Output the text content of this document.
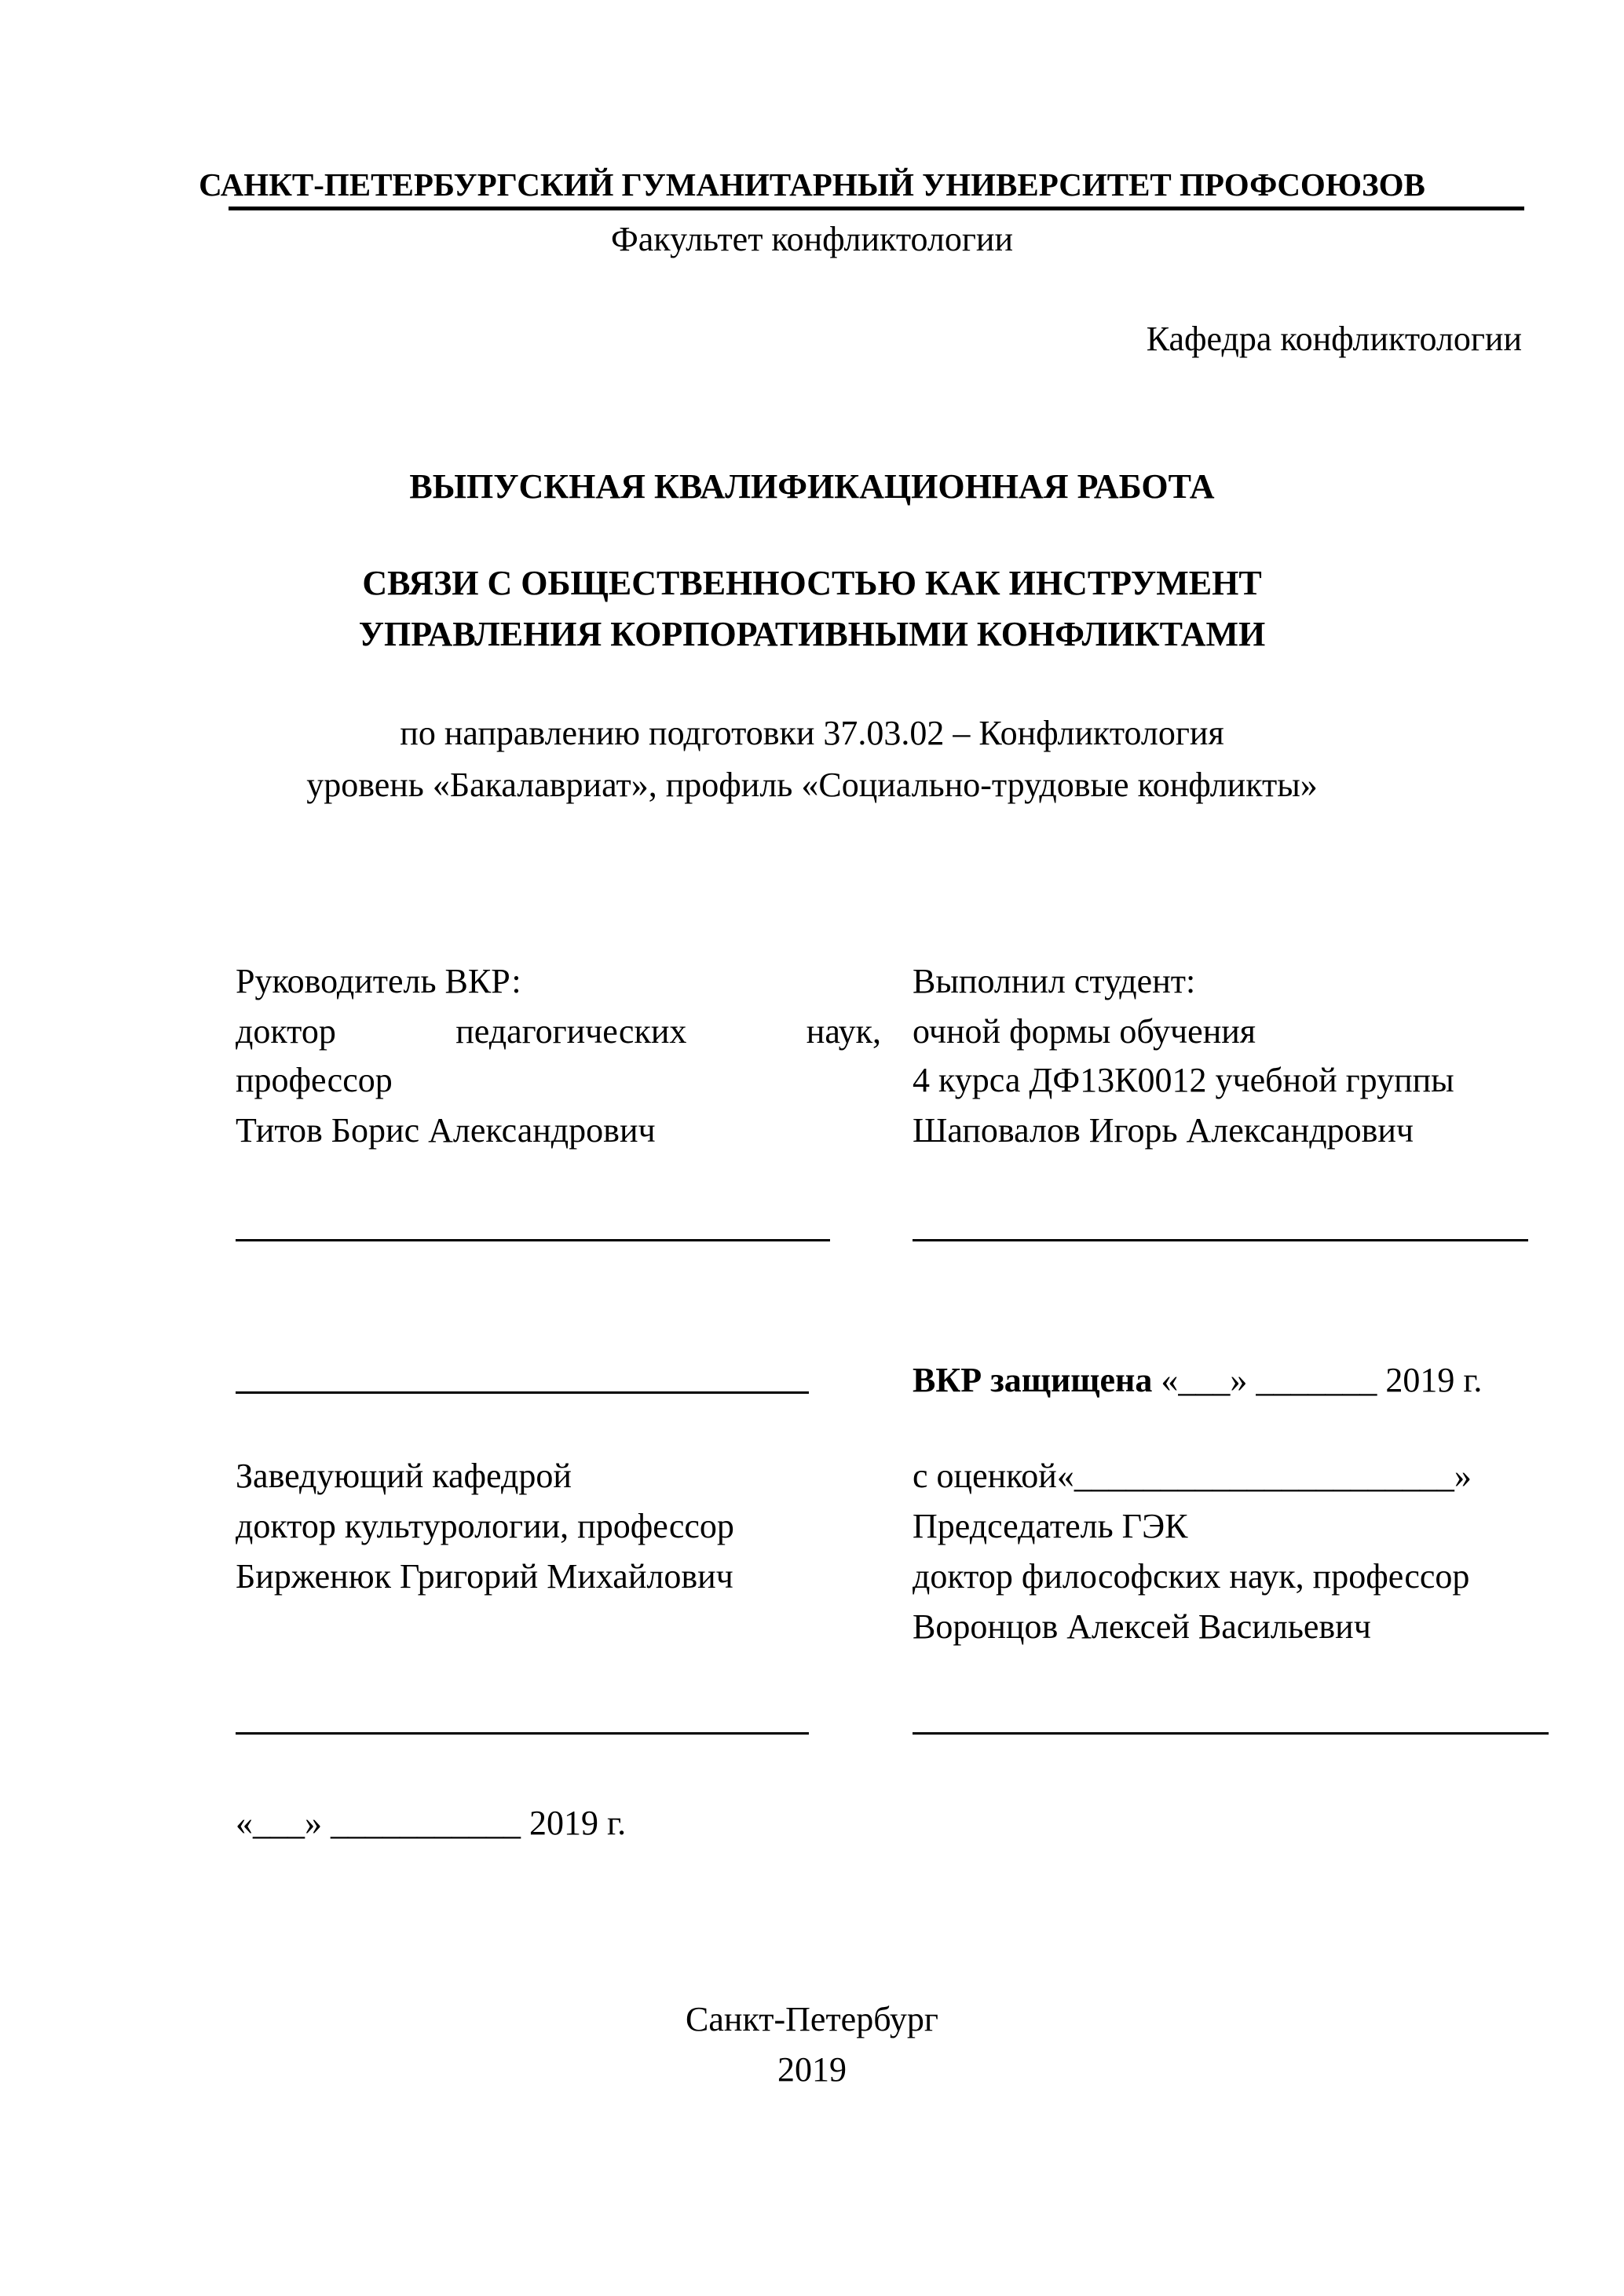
САНКТ-ПЕТЕРБУРГСКИЙ ГУМАНИТАРНЫЙ УНИВЕРСИТЕТ ПРОФСОЮЗОВ
Факультет конфликтологии
Кафедра конфликтологии
ВЫПУСКНАЯ КВАЛИФИКАЦИОННАЯ РАБОТА
СВЯЗИ С ОБЩЕСТВЕННОСТЬЮ КАК ИНСТРУМЕНТ
УПРАВЛЕНИЯ КОРПОРАТИВНЫМИ КОНФЛИКТАМИ
по направлению подготовки 37.03.02 – Конфликтология
уровень «Бакалавриат», профиль «Социально-трудовые конфликты»
Руководитель ВКР:
доктор педагогических наук,
профессор
Титов Борис Александрович
Выполнил студент:
очной формы обучения
4 курса ДФ13К0012 учебной группы
Шаповалов Игорь Александрович
ВКР защищена «___» _______ 2019 г.
Заведующий кафедрой
доктор культурологии, профессор
Бирженюк Григорий Михайлович
с оценкой«______________________»
Председатель ГЭК
доктор философских наук, профессор
Воронцов Алексей Васильевич
«___» ___________ 2019 г.
Санкт-Петербург
2019
